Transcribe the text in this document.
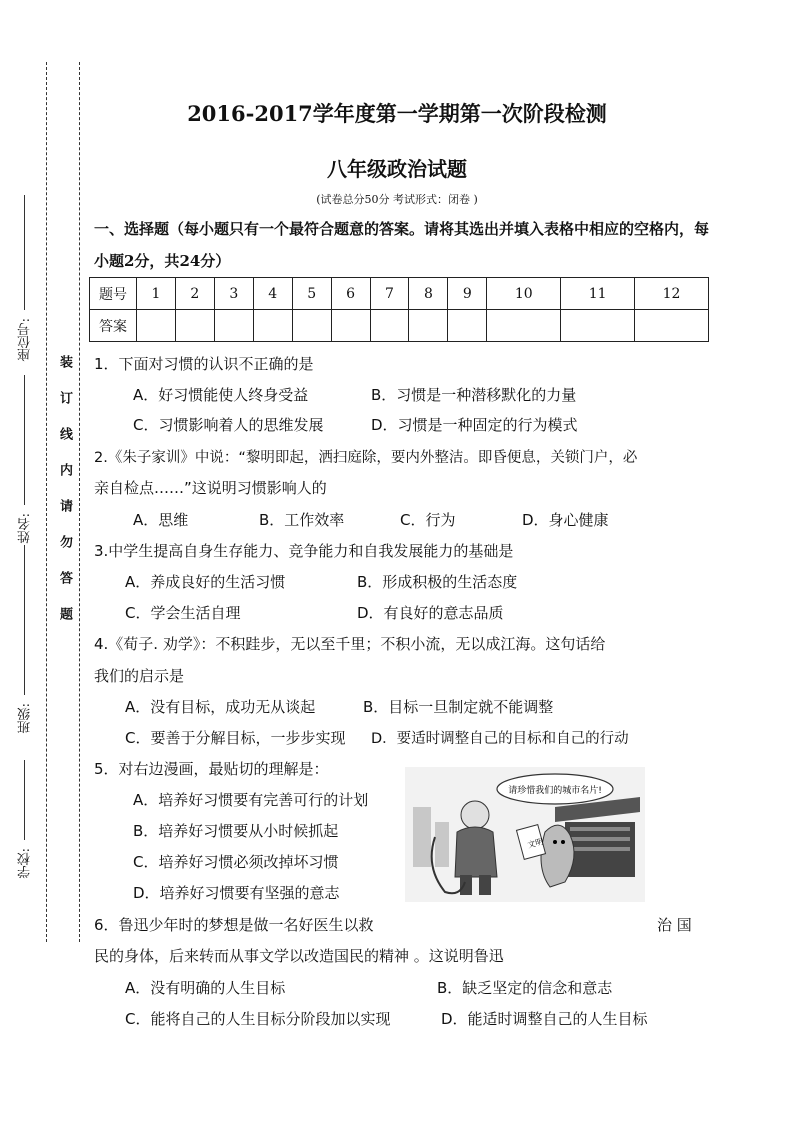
座位号:
姓名:
班级:
学校:
装订线内请勿答题
2016-2017学年度第一学期第一次阶段检测
八年级政治试题
(试卷总分50分 考试形式：闭卷 )
一、选择题（每小题只有一个最符合题意的答案。请将其选出并填入表格中相应的空格内，每小题2分，共24分）
题号	1	2	3	4	5	6	7	8	9	10	11	12
答案												
1．下面对习惯的认识不正确的是
A．好习惯能使人终身受益	B．习惯是一种潜移默化的力量
C．习惯影响着人的思维发展	D．习惯是一种固定的行为模式
2.《朱子家训》中说：“黎明即起，洒扫庭除，要内外整洁。即昏便息，关锁门户，必
亲自检点……”这说明习惯影响人的
A．思维	B．工作效率	C．行为	D．身心健康
3.中学生提高自身生存能力、竞争能力和自我发展能力的基础是
A．养成良好的生活习惯	B．形成积极的生活态度
C．学会生活自理	D．有良好的意志品质
4.《荀子. 劝学》：不积跬步，无以至千里；不积小流，无以成江海。这句话给
我们的启示是
A．没有目标，成功无从谈起	B．目标一旦制定就不能调整
C．要善于分解目标，一步步实现 D．要适时调整自己的目标和自己的行动
5．对右边漫画，最贴切的理解是：
A．培养好习惯要有完善可行的计划
B．培养好习惯要从小时候抓起
C．培养好习惯必须改掉坏习惯
D．培养好习惯要有坚强的意志
请珍惜我们的城市名片!
文明
6．鲁迅少年时的梦想是做一名好医生以救	治 国
民的身体，后来转而从事文学以改造国民的精神 。这说明鲁迅
A．没有明确的人生目标	B．缺乏坚定的信念和意志
C．能将自己的人生目标分阶段加以实现	D．能适时调整自己的人生目标
